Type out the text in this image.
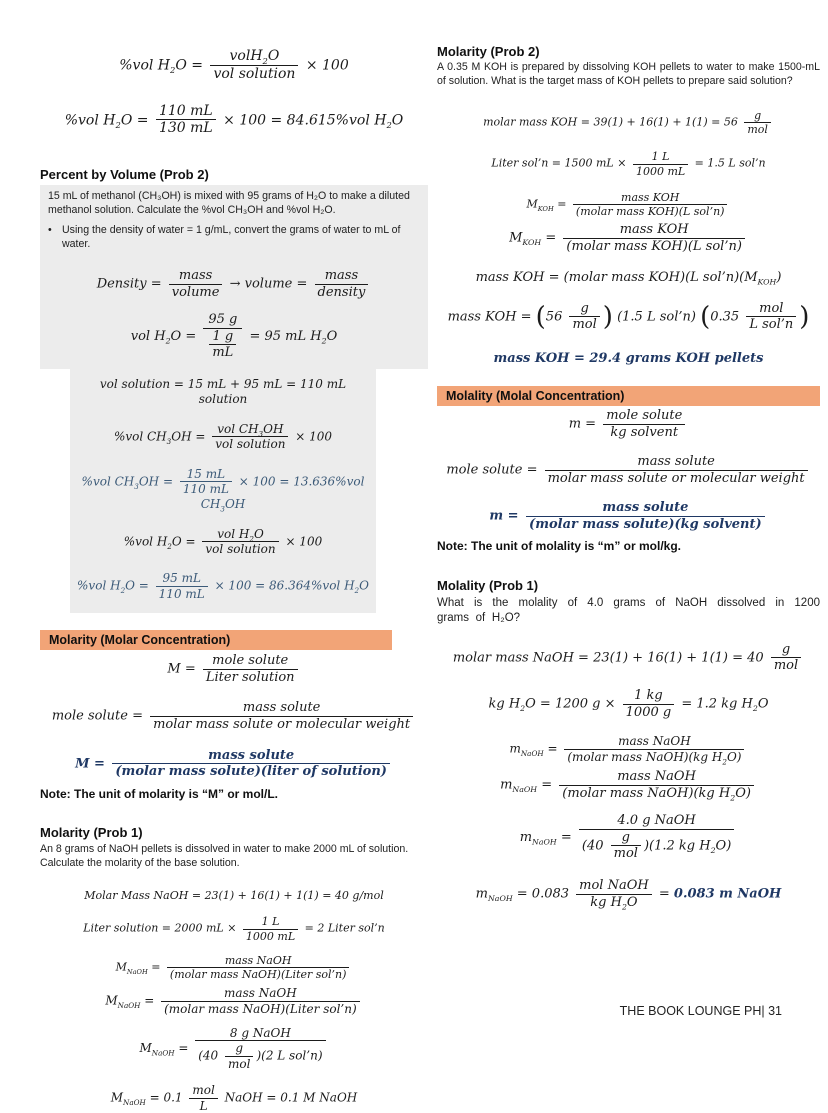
%vol $H_2O = \frac{volH_2O}{\text{vol solution}} \times 100$
%vol $H_2O = \frac{110 mL}{130 mL} \times 100 = 84.615\%vol$ $H_2O$
Percent by Volume (Prob 2)

15 mL of methanol (CH₃OH) is mixed with 95 grams of H₂O to make a diluted methanol solution. Calculate the %vol CH₃OH and %vol H₂O.

• Using the density of water = 1 g/mL, convert the grams of water to mL of water.

Density = $\frac{\text{mass}}{\text{volume}}$ → volume = $\frac{\text{mass}}{\text{density}}$
vol $H_2O = \frac{95 g}{\frac{1 g}{mL}} = 95$ mL $H_2O$
vol solution = 15 mL + 95 mL = 110 mL solution
%vol $CH_3OH = \frac{vol CH_3OH}{\text{vol solution}} \times 100$
%vol $CH_3OH = \frac{15 mL}{110 mL} \times 100 = 13.636\%vol$ $CH_3OH$
%vol $H_2O = \frac{vol H_2O}{\text{vol solution}} \times 100$
%vol $H_2O = \frac{95 mL}{110 mL} \times 100 = 86.364\%vol$ $H_2O$
Molarity (Molar Concentration)
$M = \frac{\text{mole solute}}{\text{Liter solution}}$
mole solute = $\frac{\text{mass solute}}{\text{molar mass solute or molecular weight}}$
$M = \frac{\text{mass solute}}{\text{(molar mass solute)(liter of solution)}}$

Note: The unit of molarity is “M” or mol/L.

Molarity (Prob 1)

An 8 grams of NaOH pellets is dissolved in water to make 2000 mL of solution. Calculate the molarity of the base solution.

Molar Mass NaOH = 23(1) + 16(1) + 1(1) = 40 g/mol
Liter solution = 2000 mL × $\frac{1 L}{1000 mL} = 2$ Liter sol’n
$M_{NaOH} = \frac{\text{mass NaOH}}{\text{(molar mass NaOH)(Liter sol’n)}}$
$M_{NaOH} = \frac{\text{mass NaOH}}{\text{(molar mass NaOH)(Liter sol’n)}}$
$M_{NaOH} = \frac{\text{8 g NaOH}}{(40 \frac{g}{\text{mol}} )(2 L sol’n)}$
$M_{NaOH} = 0.1 \frac{\text{mol}}{L}$ NaOH = 0.1 M NaOH
Molarity (Prob 2)

A 0.35 M KOH is prepared by dissolving KOH pellets to water to make 1500-mL of solution. What is the target mass of KOH pellets to prepare said solution?

molar mass KOH = $39(1) + 16(1) + 1(1) = 56 \frac{g}{\text{mol}}$
Liter sol’n = 1500 mL × $\frac{1 L}{1000 mL} = 1.5$ L sol’n
$M_{KOH} = \frac{\text{mass KOH}}{\text{(molar mass KOH)(L sol’n)}}$
$M_{KOH} = \frac{\text{mass KOH}}{\text{(molar mass KOH)(L sol’n)}}$
mass KOH = (molar mass KOH)(L $sol’n)(M_{KOH})$
mass KOH = ($56 \frac{g}{\text{mol}}$ ) (1.5 L sol’n) ($0.35 \frac{\text{mol}}{\text{L sol’n}}$ )
mass KOH = 29.4 grams KOH pellets
Molality (Molal Concentration)
$m = \frac{\text{mole solute}}{\text{kg solvent}}$
mole solute = $\frac{\text{mass solute}}{\text{molar mass solute or molecular weight}}$
$m = \frac{\text{mass solute}}{\text{(molar mass solute)(kg solvent)}}$

Note: The unit of molality is “m” or mol/kg.

Molality (Prob 1)

What is the molality of 4.0 grams of NaOH dissolved in 1200 grams of H₂O?

molar mass NaOH = $23(1) + 16(1) + 1(1) = 40 \frac{g}{\text{mol}}$
kg $H_2O = 1200$ $g \times \frac{1 kg}{1000 g} = 1.2$ kg $H_2O$
$m_{NaOH} = \frac{\text{mass NaOH}}{(molar mass NaOH)(kg H_2O)}$
$m_{NaOH} = \frac{\text{mass NaOH}}{(molar mass NaOH)(kg H_2O)}$
$m_{NaOH} = \frac{\text{4.0 g NaOH}}{(40 \frac{g}{\text{mol}} )(1.2 kg H_2O)}$
$m_{NaOH} = 0.083 \frac{\text{mol NaOH}}{kg H_2O} = 0.083$ m NaOH
THE BOOK LOUNGE PH| 31
